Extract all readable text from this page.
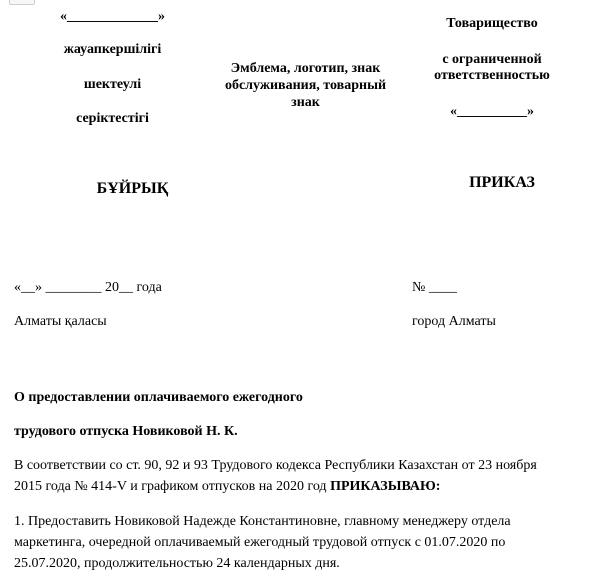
«_____________»
жауапкершілігі
шектеулі
серіктестігі
Эмблема, логотип, знак обслуживания, товарный знак
Товарищество
с ограниченной ответственностью
«__________»
БҰЙРЫҚ	ПРИКАЗ
«__» ________ 20__ года	№ ____
Алматы қаласы	город Алматы
О предоставлении оплачиваемого ежегодного
трудового отпуска Новиковой Н. К.
В соответствии со ст. 90, 92 и 93 Трудового кодекса Республики Казахстан от 23 ноября 2015 года № 414-V и графиком отпусков на 2020 год ПРИКАЗЫВАЮ:
1. Предоставить Новиковой Надежде Константиновне, главному менеджеру отдела маркетинга, очередной оплачиваемый ежегодный трудовой отпуск с 01.07.2020 по 25.07.2020, продолжительностью 24 календарных дня.
